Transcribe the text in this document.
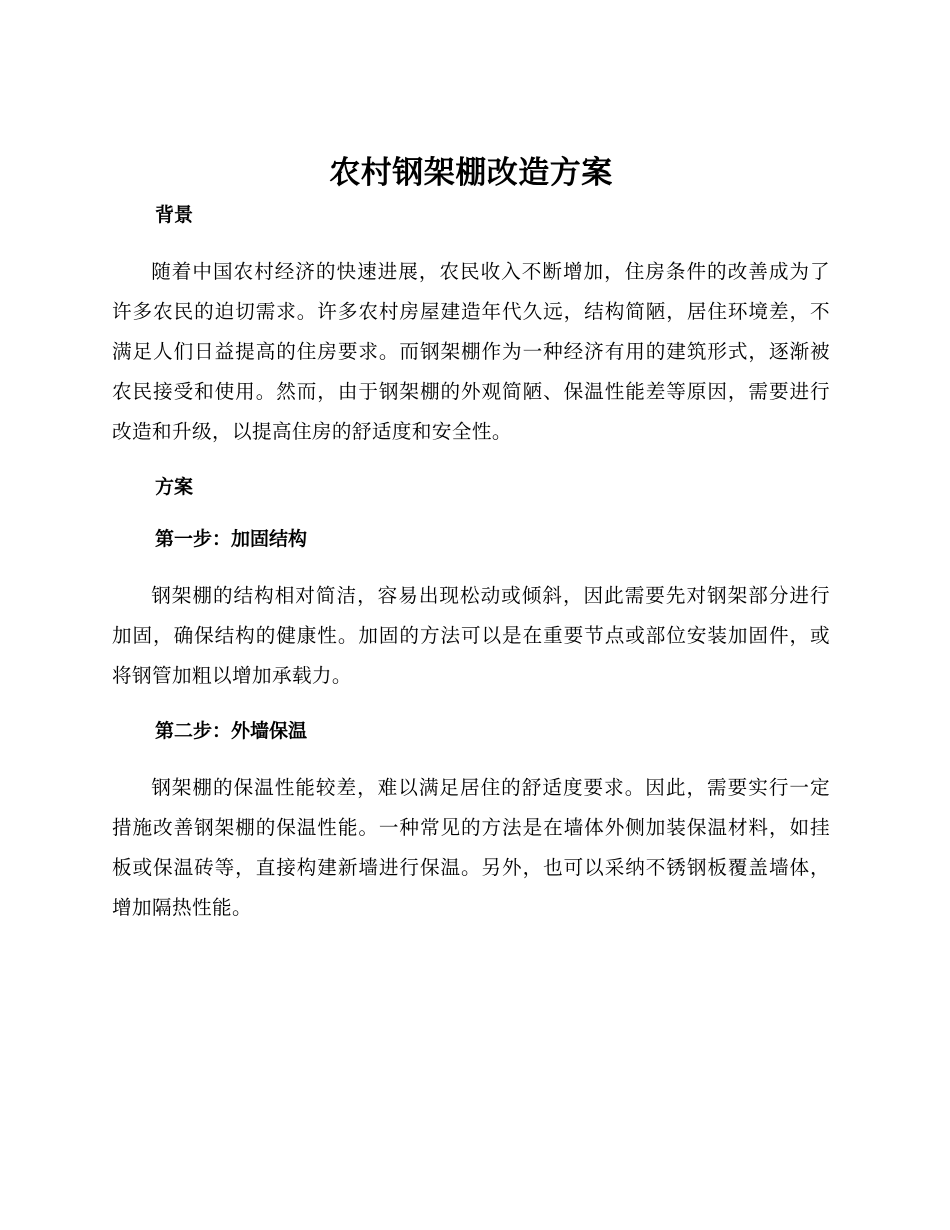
农村钢架棚改造方案
背景

随着中国农村经济的快速进展，农民收入不断增加，住房条件的改善成为了许多农民的迫切需求。许多农村房屋建造年代久远，结构简陋，居住环境差，不满足人们日益提高的住房要求。而钢架棚作为一种经济有用的建筑形式，逐渐被农民接受和使用。然而，由于钢架棚的外观简陋、保温性能差等原因，需要进行改造和升级，以提高住房的舒适度和安全性。

方案
第一步：加固结构

钢架棚的结构相对简洁，容易出现松动或倾斜，因此需要先对钢架部分进行加固，确保结构的健康性。加固的方法可以是在重要节点或部位安装加固件，或将钢管加粗以增加承载力。

第二步：外墙保温

钢架棚的保温性能较差，难以满足居住的舒适度要求。因此，需要实行一定措施改善钢架棚的保温性能。一种常见的方法是在墙体外侧加装保温材料，如挂板或保温砖等，直接构建新墙进行保温。另外，也可以采纳不锈钢板覆盖墙体，增加隔热性能。
